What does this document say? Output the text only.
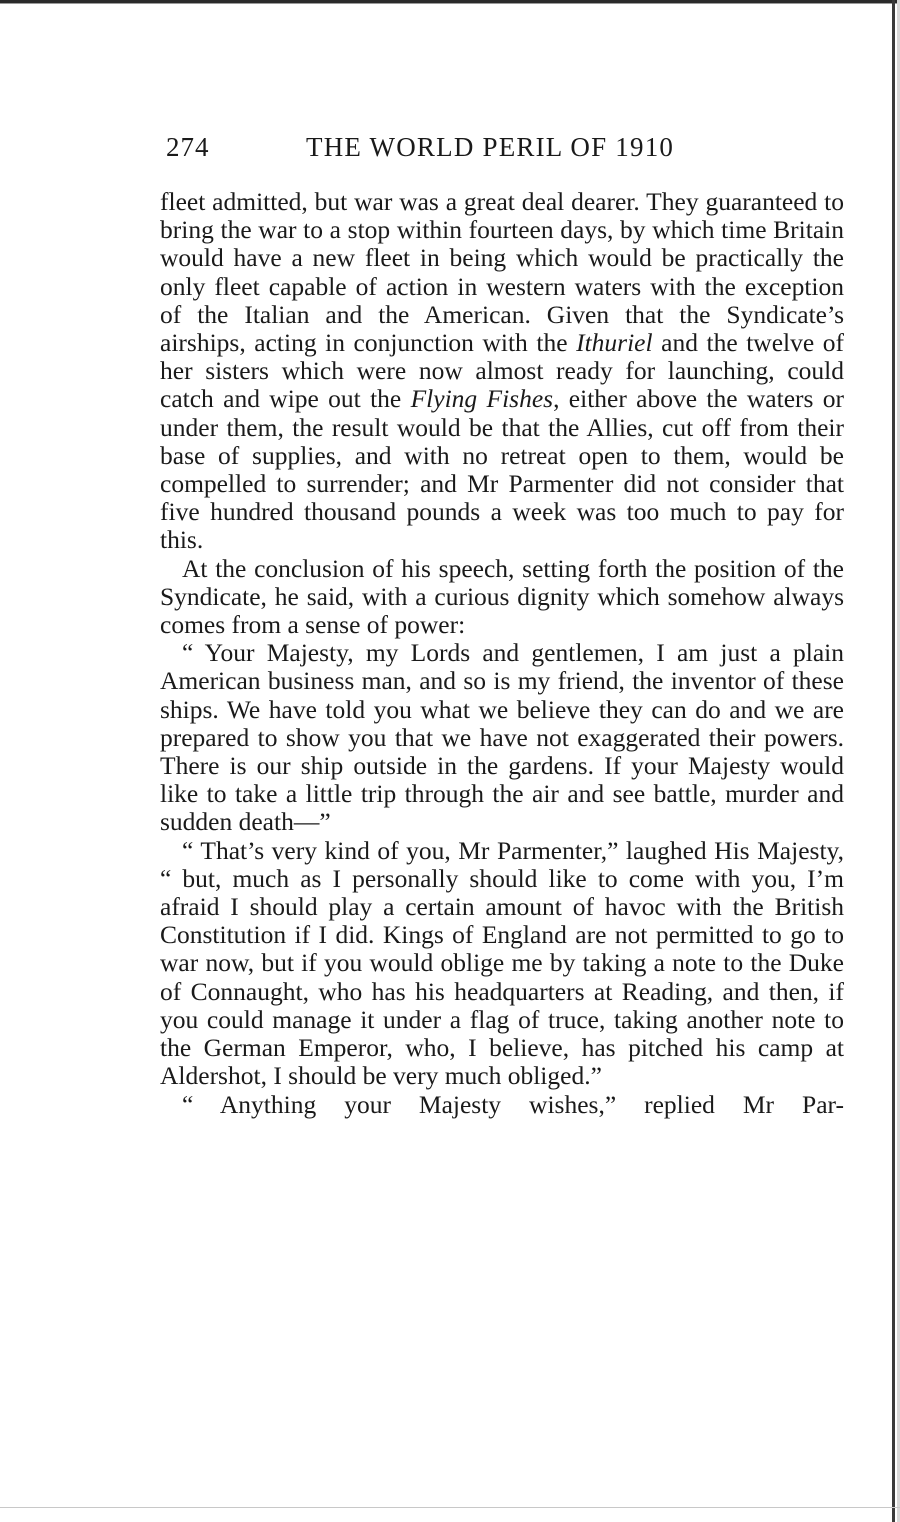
274	THE WORLD PERIL OF 1910

fleet admitted, but war was a great deal dearer. They guaranteed to bring the war to a stop within fourteen days, by which time Britain would have a new fleet in being which would be practically the only fleet capable of action in western waters with the exception of the Italian and the American. Given that the Syndicate’s airships, acting in conjunction with the Ithuriel and the twelve of her sisters which were now almost ready for launching, could catch and wipe out the Flying Fishes, either above the waters or under them, the result would be that the Allies, cut off from their base of supplies, and with no retreat open to them, would be compelled to surrender; and Mr Parmenter did not consider that five hundred thousand pounds a week was too much to pay for this.

At the conclusion of his speech, setting forth the position of the Syndicate, he said, with a curious dignity which somehow always comes from a sense of power:

“ Your Majesty, my Lords and gentlemen, I am just a plain American business man, and so is my friend, the inventor of these ships. We have told you what we believe they can do and we are prepared to show you that we have not exaggerated their powers. There is our ship outside in the gardens. If your Majesty would like to take a little trip through the air and see battle, murder and sudden death—”

“ That’s very kind of you, Mr Parmenter,” laughed His Majesty, “ but, much as I personally should like to come with you, I’m afraid I should play a certain amount of havoc with the British Constitution if I did. Kings of England are not permitted to go to war now, but if you would oblige me by taking a note to the Duke of Connaught, who has his headquarters at Reading, and then, if you could manage it under a flag of truce, taking another note to the German Emperor, who, I believe, has pitched his camp at Aldershot, I should be very much obliged.”

“ Anything your Majesty wishes,” replied Mr Par-
